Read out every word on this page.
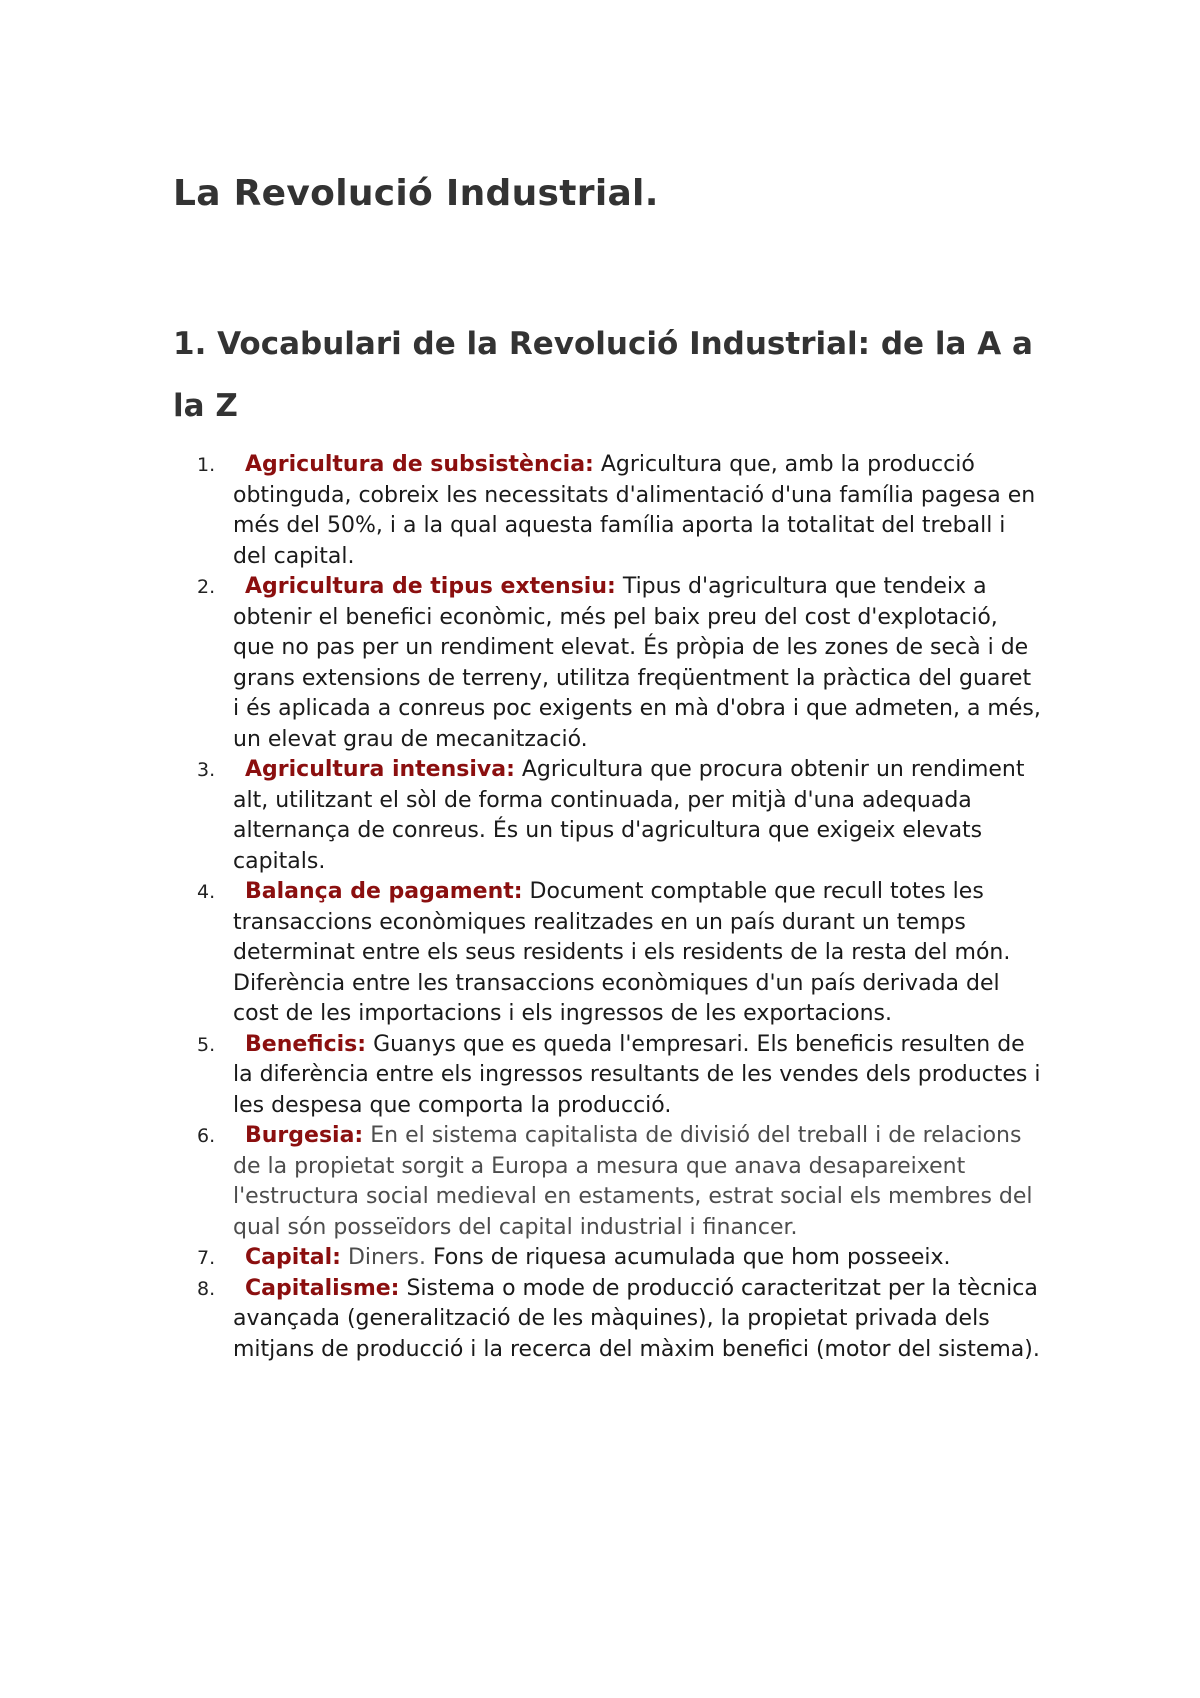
La Revolució Industrial.
1. Vocabulari de la Revolució Industrial: de la A a la Z
1. Agricultura de subsistència: Agricultura que, amb la producció obtinguda, cobreix les necessitats d'alimentació d'una família pagesa en més del 50%, i a la qual aquesta família aporta la totalitat del treball i del capital.
2. Agricultura de tipus extensiu: Tipus d'agricultura que tendeix a obtenir el benefici econòmic, més pel baix preu del cost d'explotació, que no pas per un rendiment elevat. És pròpia de les zones de secà i de grans extensions de terreny, utilitza freqüentment la pràctica del guaret i és aplicada a conreus poc exigents en mà d'obra i que admeten, a més, un elevat grau de mecanització.
3. Agricultura intensiva: Agricultura que procura obtenir un rendiment alt, utilitzant el sòl de forma continuada, per mitjà d'una adequada alternança de conreus. És un tipus d'agricultura que exigeix elevats capitals.
4. Balança de pagament: Document comptable que recull totes les transaccions econòmiques realitzades en un país durant un temps determinat entre els seus residents i els residents de la resta del món. Diferència entre les transaccions econòmiques d'un país derivada del cost de les importacions i els ingressos de les exportacions.
5. Beneficis: Guanys que es queda l'empresari. Els beneficis resulten de la diferència entre els ingressos resultants de les vendes dels productes i les despesa que comporta la producció.
6. Burgesia: En el sistema capitalista de divisió del treball i de relacions de la propietat sorgit a Europa a mesura que anava desapareixent l'estructura social medieval en estaments, estrat social els membres del qual són posseïdors del capital industrial i financer.
7. Capital: Diners. Fons de riquesa acumulada que hom posseeix.
8. Capitalisme: Sistema o mode de producció caracteritzat per la tècnica avançada (generalització de les màquines), la propietat privada dels mitjans de producció i la recerca del màxim benefici (motor del sistema).
